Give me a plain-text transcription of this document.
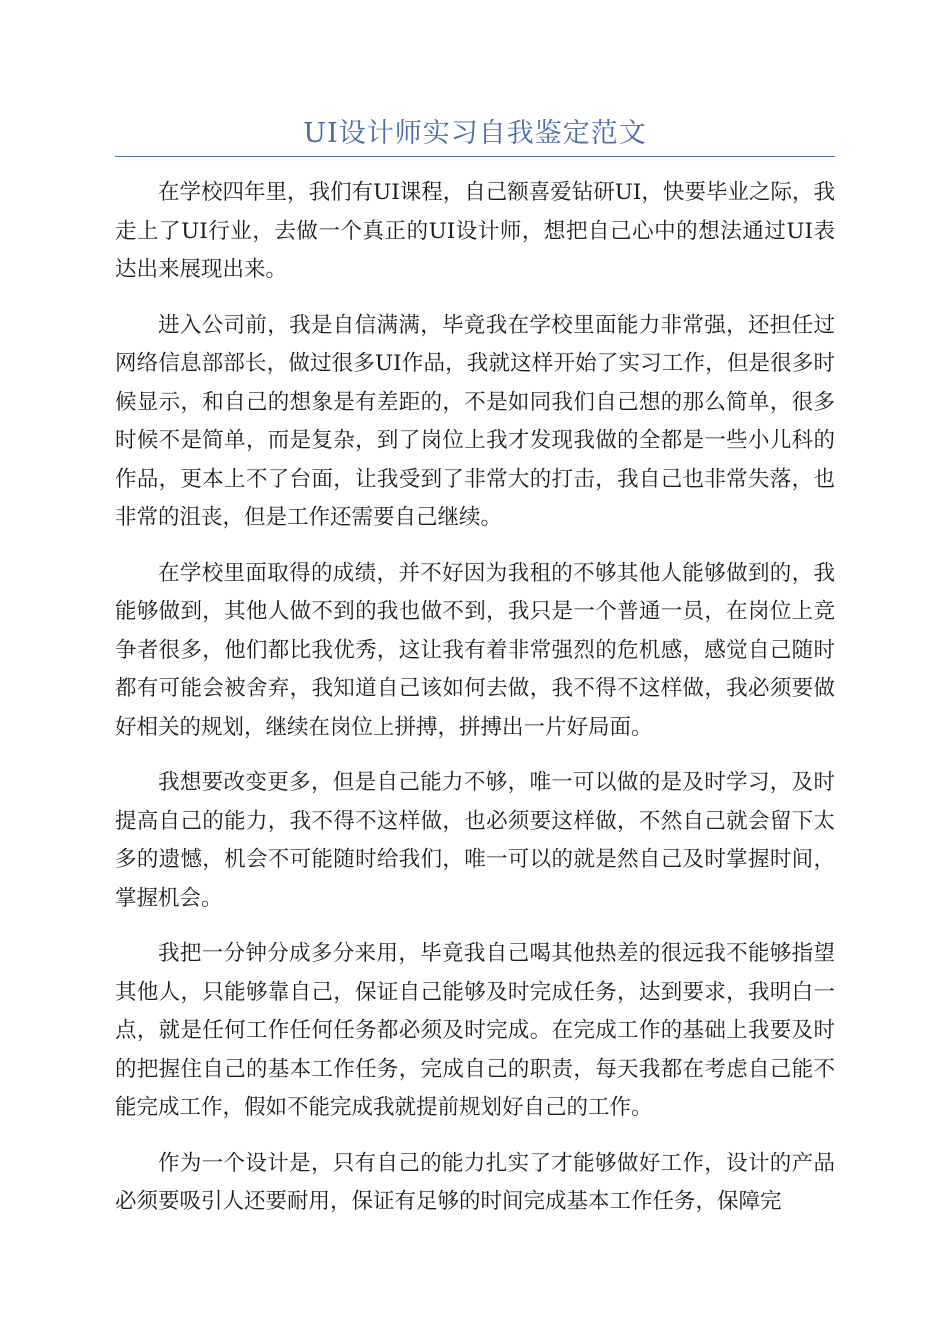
UI设计师实习自我鉴定范文

在学校四年里，我们有UI课程，自己额喜爱钻研UI，快要毕业之际，我走上了UI行业，去做一个真正的UI设计师，想把自己心中的想法通过UI表达出来展现出来。

进入公司前，我是自信满满，毕竟我在学校里面能力非常强，还担任过网络信息部部长，做过很多UI作品，我就这样开始了实习工作，但是很多时候显示，和自己的想象是有差距的，不是如同我们自己想的那么简单，很多时候不是简单，而是复杂，到了岗位上我才发现我做的全都是一些小儿科的作品，更本上不了台面，让我受到了非常大的打击，我自己也非常失落，也非常的沮丧，但是工作还需要自己继续。

在学校里面取得的成绩，并不好因为我租的不够其他人能够做到的，我能够做到，其他人做不到的我也做不到，我只是一个普通一员，在岗位上竞争者很多，他们都比我优秀，这让我有着非常强烈的危机感，感觉自己随时都有可能会被舍弃，我知道自己该如何去做，我不得不这样做，我必须要做好相关的规划，继续在岗位上拼搏，拼搏出一片好局面。

我想要改变更多，但是自己能力不够，唯一可以做的是及时学习，及时提高自己的能力，我不得不这样做，也必须要这样做，不然自己就会留下太多的遗憾，机会不可能随时给我们，唯一可以的就是然自己及时掌握时间，掌握机会。

我把一分钟分成多分来用，毕竟我自己喝其他热差的很远我不能够指望其他人，只能够靠自己，保证自己能够及时完成任务，达到要求，我明白一点，就是任何工作任何任务都必须及时完成。在完成工作的基础上我要及时的把握住自己的基本工作任务，完成自己的职责，每天我都在考虑自己能不能完成工作，假如不能完成我就提前规划好自己的工作。

作为一个设计是，只有自己的能力扎实了才能够做好工作，设计的产品必须要吸引人还要耐用，保证有足够的时间完成基本工作任务，保障完
